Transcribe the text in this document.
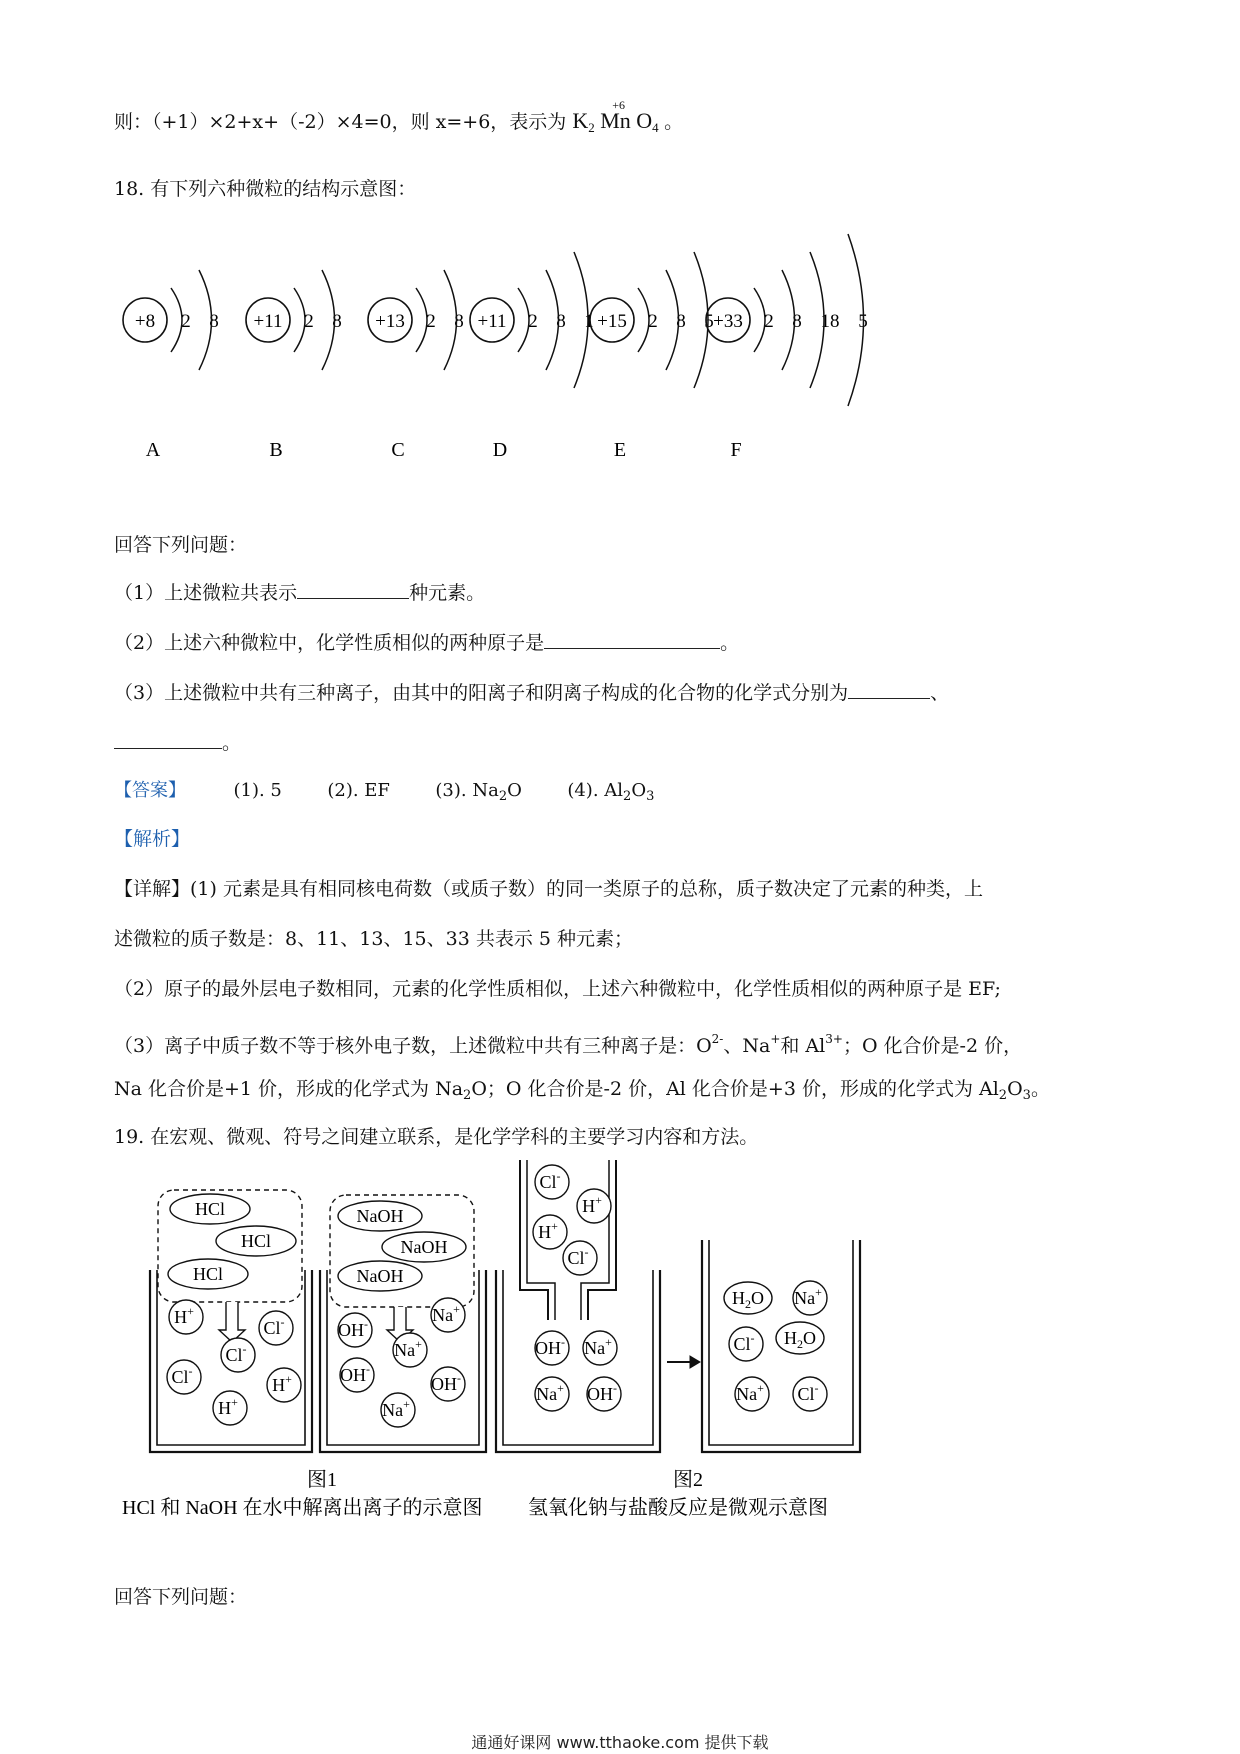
则：（+1）×2+x+（-2）×4=0，则 x=+6，表示为 $K_2$
+6
Mn $O_4$ 。
18. 有下列六种微粒的结构示意图：
+8 2 8
A
+11 2 8
B
+13 2 8
C
+11 2 8 1
D
+15 2 8 5
E
+33 2 8 18 5
F
回答下列问题：
（1）上述微粒共表示	种元素。
（2）上述六种微粒中，化学性质相似的两种原子是	。
（3）上述微粒中共有三种离子，由其中的阳离子和阴离子构成的化合物的化学式分别为	、
。
【答案】	(1). 5	(2). EF	(3). $Na_2O$	(4). $Al_2O_3$
【解析】
【详解】(1) 元素是具有相同核电荷数（或质子数）的同一类原子的总称，质子数决定了元素的种类，上
述微粒的质子数是：8、11、13、15、33 共表示 5 种元素；
（2）原子的最外层电子数相同，元素的化学性质相似，上述六种微粒中，化学性质相似的两种原子是 EF;
（3）离子中质子数不等于核外电子数，上述微粒中共有三种离子是：$O^{2-}$、Na+和 $Al^{3+}$；O 化合价是-2 价，
Na 化合价是+1 价，形成的化学式为 $Na_2O$；O 化合价是-2 价，Al 化合价是+3 价，形成的化学式为 $Al_2O_3$。
19. 在宏观、微观、符号之间建立联系，是化学学科的主要学习内容和方法。
HCl
HCl
HCl
H+
Cl-
Cl-
Cl-
H+
H+
NaOH
NaOH
NaOH
OH-	Na+
Na+
OH-
OH-
Na+
Cl-
H+
H+
Cl-
OH- Na+
Na+ OH-
$H_2O$ Na+
Cl- $H_2O$
Na+ Cl-
图1	图2
HCl 和 NaOH 在水中解离出离子的示意图 氢氧化钠与盐酸反应是微观示意图
回答下列问题：
通通好课网 www.tthaoke.com 提供下载
